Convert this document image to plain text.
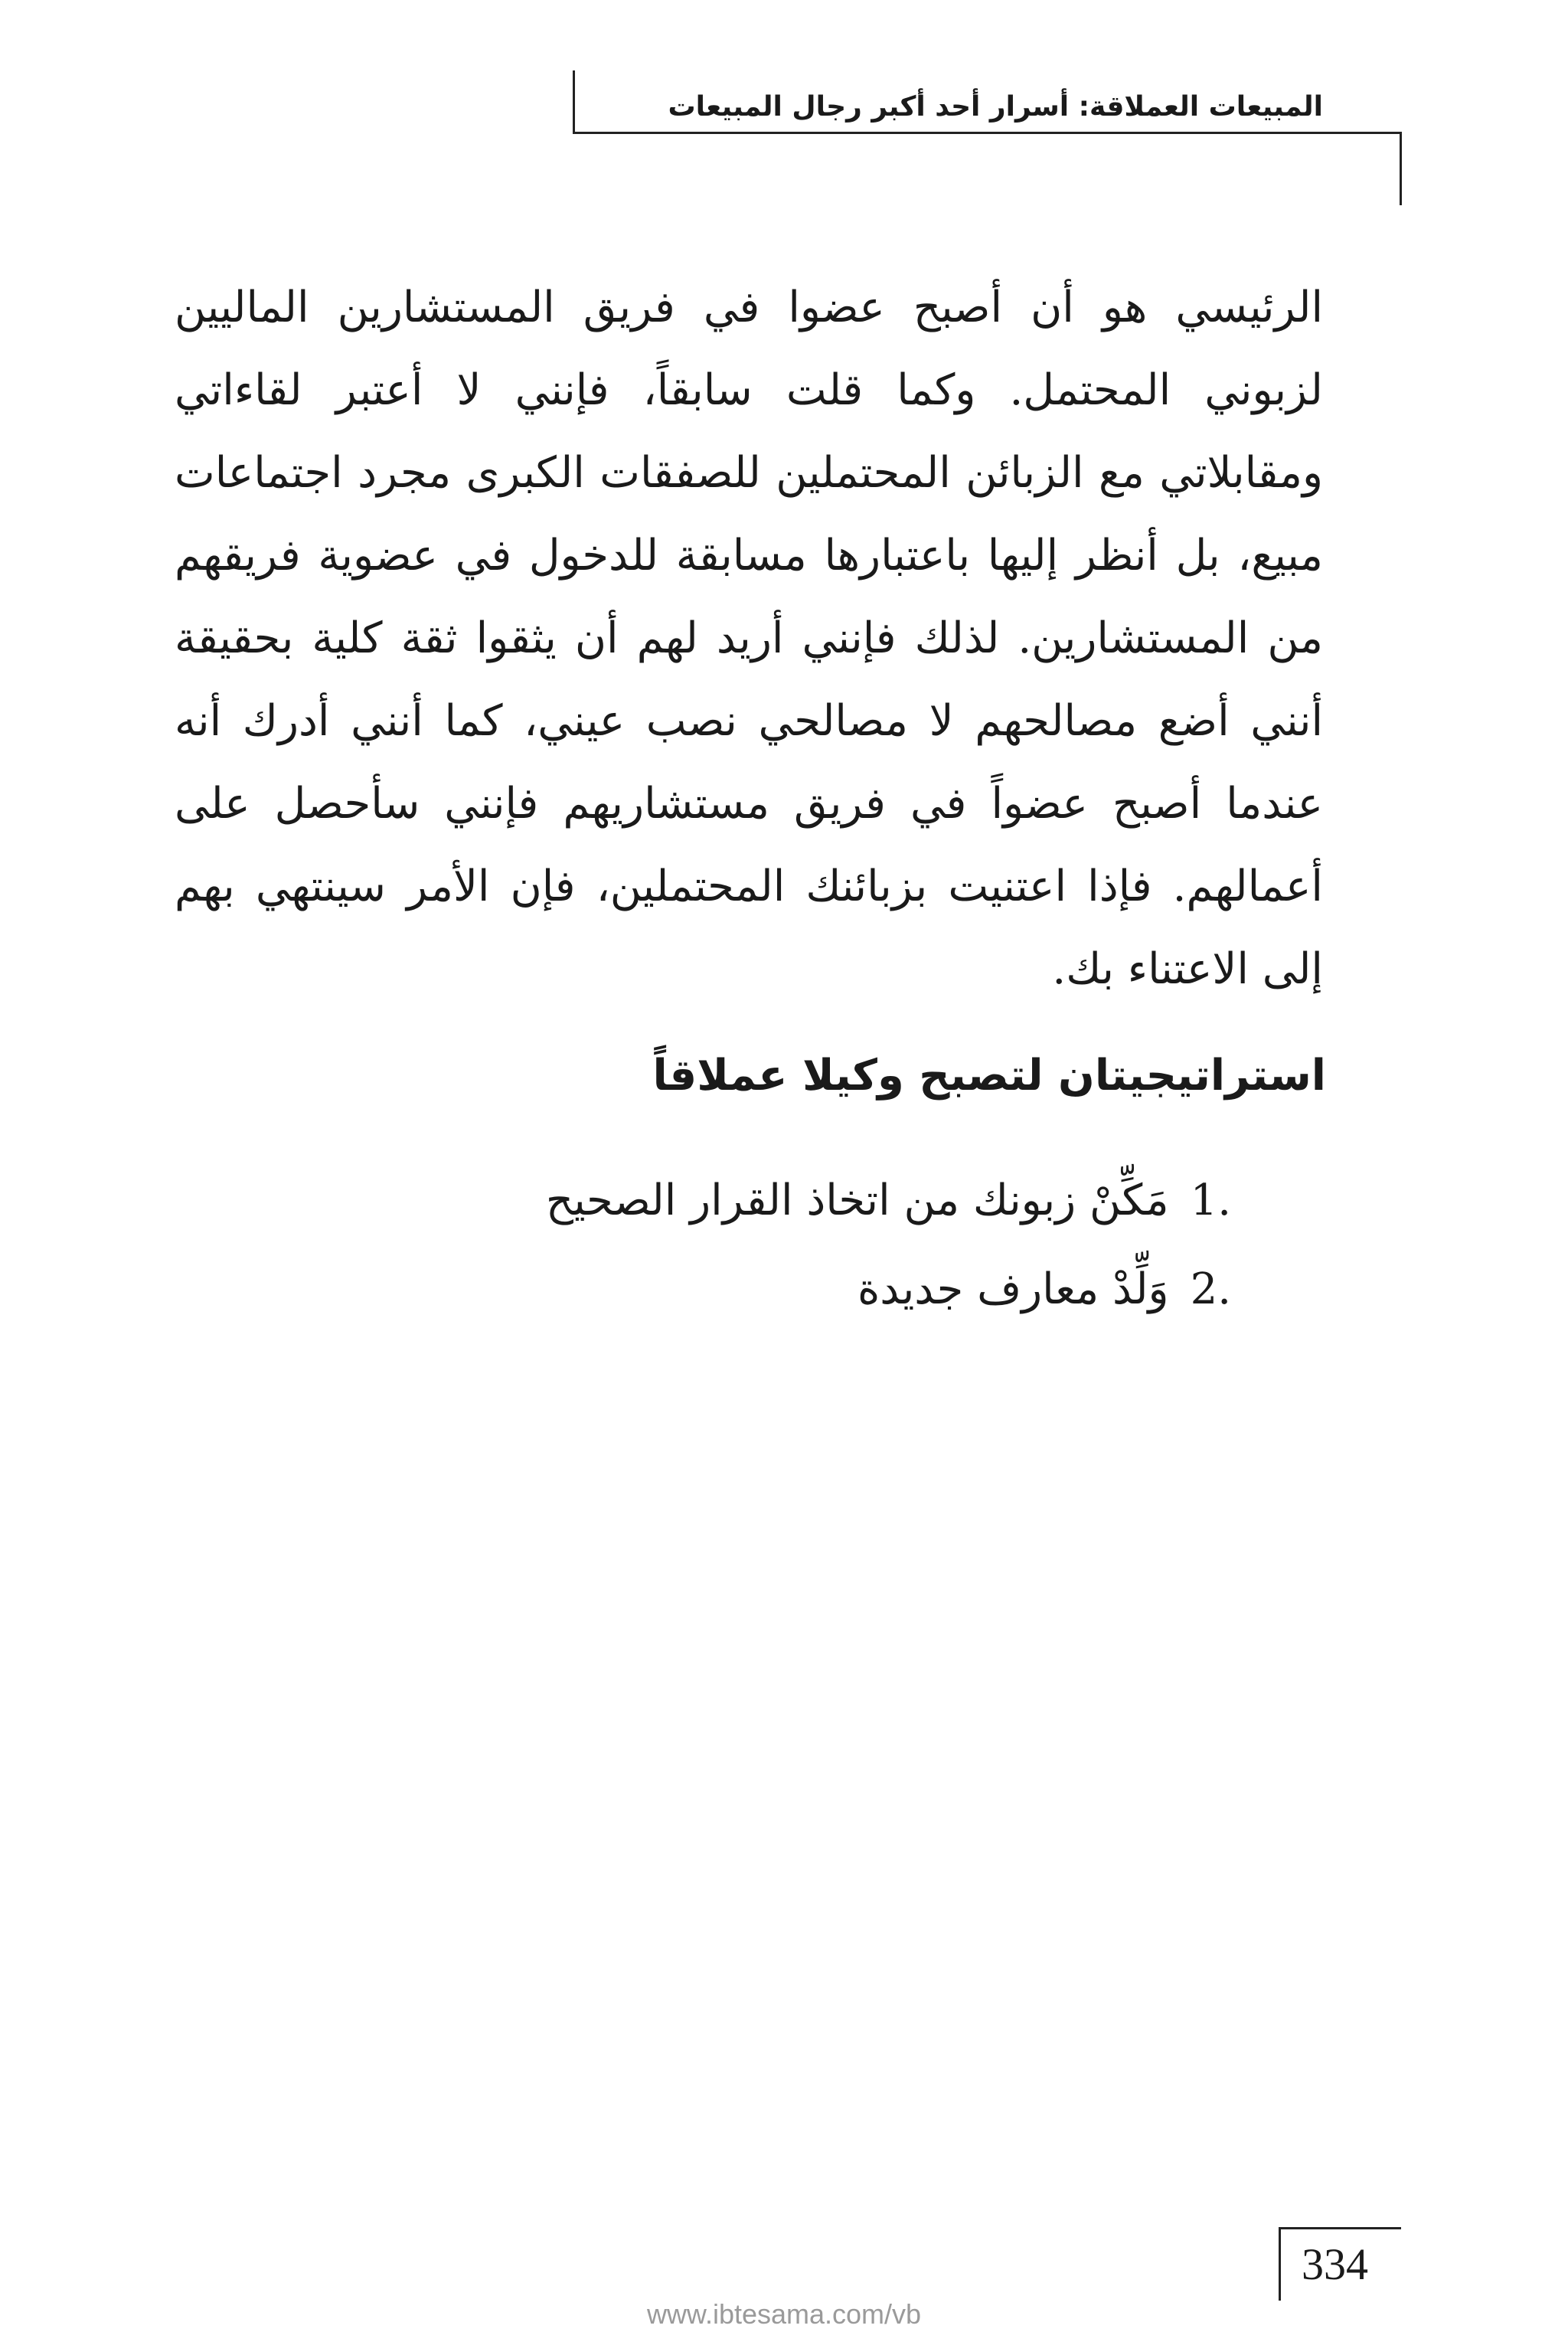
المبيعات العملاقة: أسرار أحد أكبر رجال المبيعات

الرئيسي هو أن أصبح عضوا في فريق المستشارين الماليين لزبوني المحتمل. وكما قلت سابقاً، فإنني لا أعتبر لقاءاتي ومقابلاتي مع الزبائن المحتملين للصفقات الكبرى مجرد اجتماعات مبيع، بل أنظر إليها باعتبارها مسابقة للدخول في عضوية فريقهم من المستشارين. لذلك فإنني أريد لهم أن يثقوا ثقة كلية بحقيقة أنني أضع مصالحهم لا مصالحي نصب عيني، كما أنني أدرك أنه عندما أصبح عضواً في فريق مستشاريهم فإنني سأحصل على أعمالهم. فإذا اعتنيت بزبائنك المحتملين، فإن الأمر سينتهي بهم إلى الاعتناء بك.

استراتيجيتان لتصبح وكيلا عملاقاً
1.مَكِّنْ زبونك من اتخاذ القرار الصحيح
2.وَلِّدْ معارف جديدة
334
www.ibtesama.com/vb
